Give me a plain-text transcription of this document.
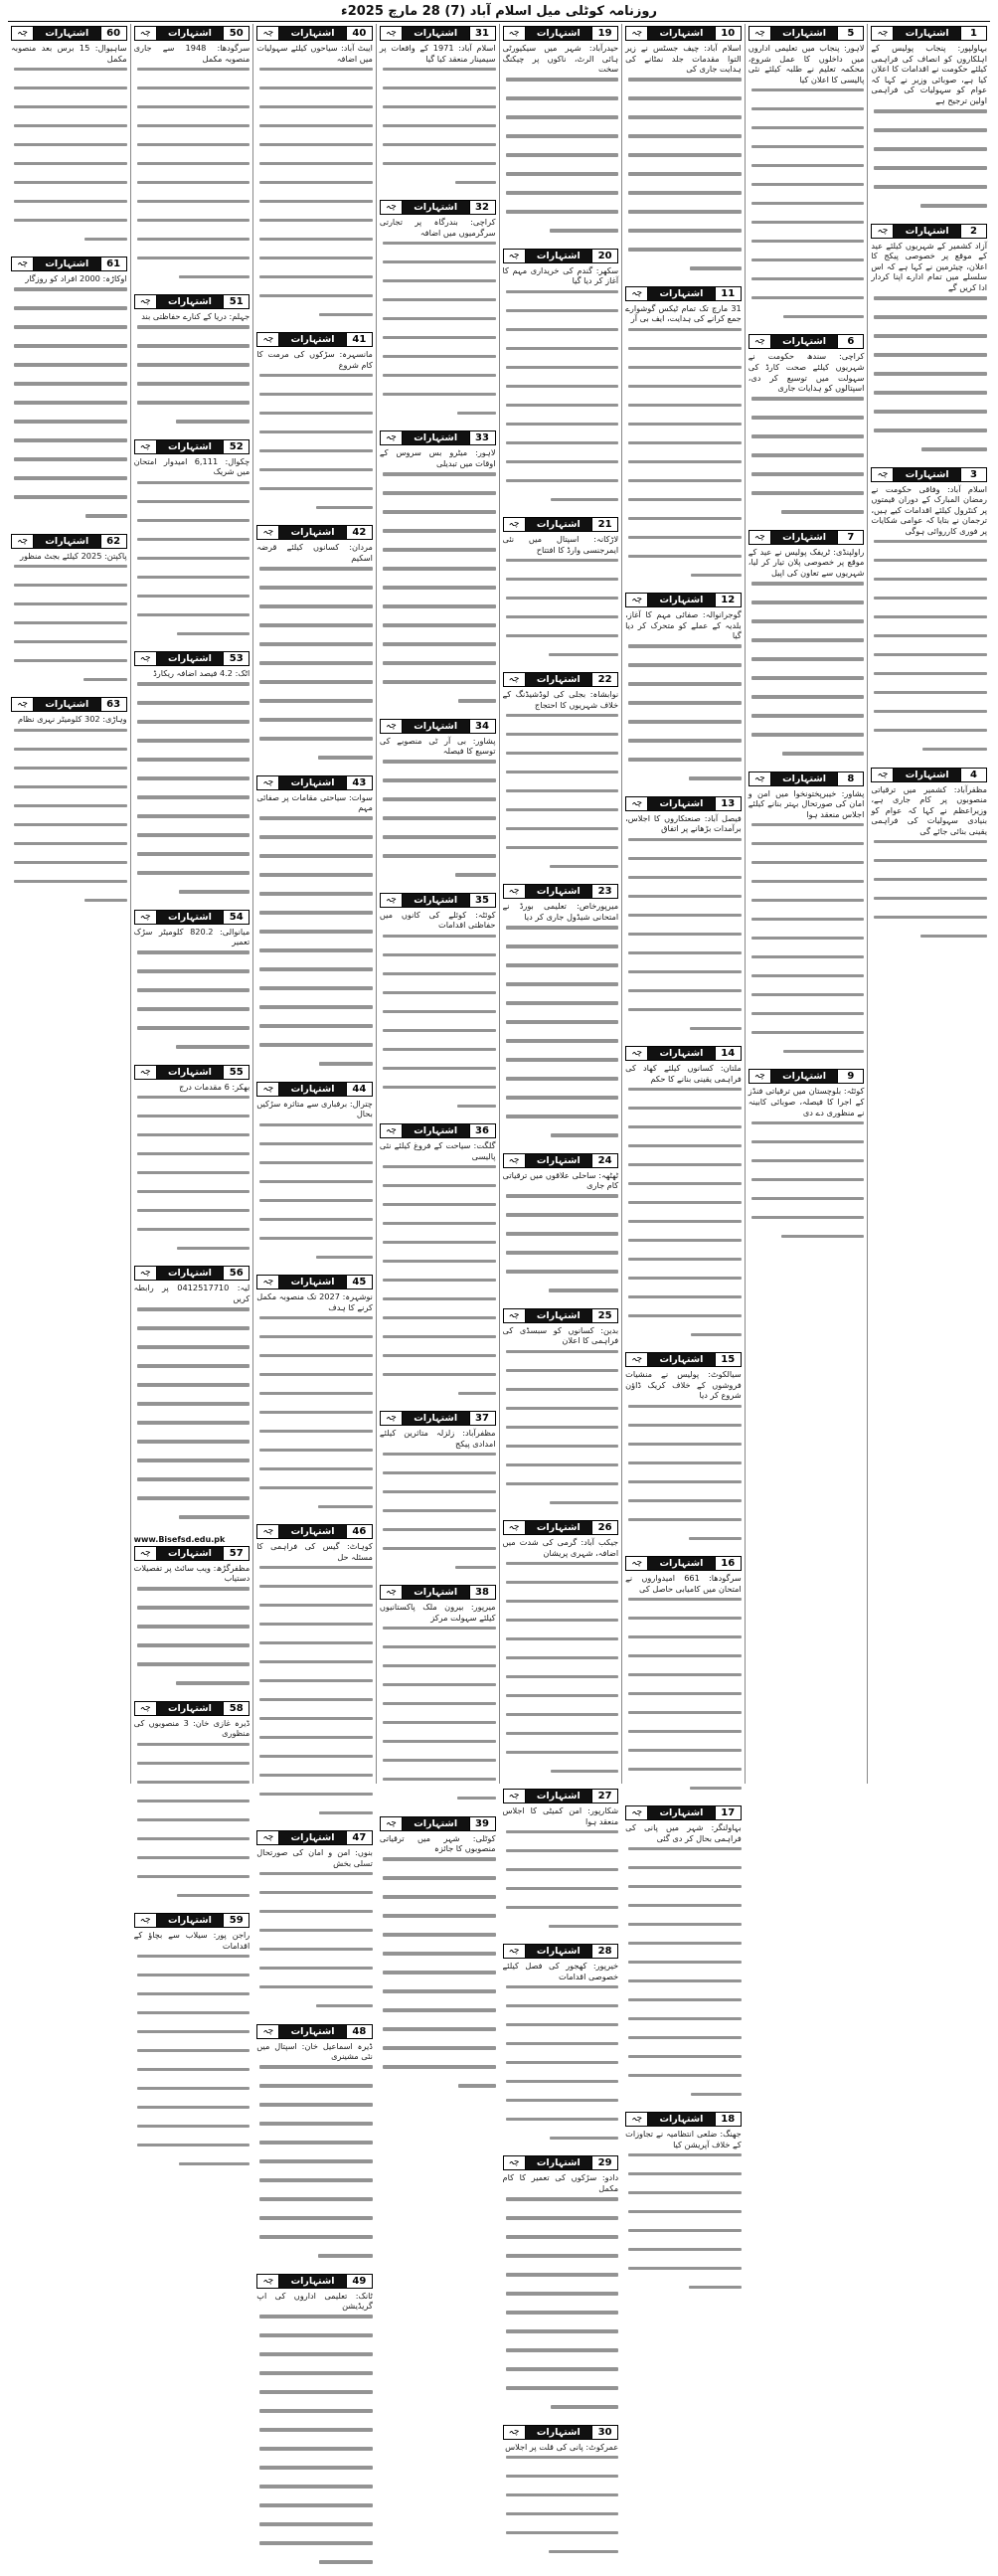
روزنامہ کوٹلی میل اسلام آباد (7) 28 مارچ 2025ء
چہ	اشتہارات	1
بہاولپور: پنجاب پولیس کے اہلکاروں کو انصاف کی فراہمی کیلئے حکومت نے اقدامات کا اعلان کیا ہے، صوبائی وزیر نے کہا کہ عوام کو سہولیات کی فراہمی اولین ترجیح ہے
چہ	اشتہارات	2
آزاد کشمیر کے شہریوں کیلئے عید کے موقع پر خصوصی پیکج کا اعلان، چیئرمین نے کہا ہے کہ اس سلسلے میں تمام ادارے اپنا کردار ادا کریں گے
چہ	اشتہارات	3
اسلام آباد: وفاقی حکومت نے رمضان المبارک کے دوران قیمتوں پر کنٹرول کیلئے اقدامات کیے ہیں، ترجمان نے بتایا کہ عوامی شکایات پر فوری کارروائی ہوگی
چہ	اشتہارات	4
مظفرآباد: کشمیر میں ترقیاتی منصوبوں پر کام جاری ہے، وزیراعظم نے کہا کہ عوام کو بنیادی سہولیات کی فراہمی یقینی بنائی جائے گی
چہ	اشتہارات	5
لاہور: پنجاب میں تعلیمی اداروں میں داخلوں کا عمل شروع، محکمہ تعلیم نے طلبہ کیلئے نئی پالیسی کا اعلان کیا
چہ	اشتہارات	6
کراچی: سندھ حکومت نے شہریوں کیلئے صحت کارڈ کی سہولت میں توسیع کر دی، اسپتالوں کو ہدایات جاری
چہ	اشتہارات	7
راولپنڈی: ٹریفک پولیس نے عید کے موقع پر خصوصی پلان تیار کر لیا، شہریوں سے تعاون کی اپیل
چہ	اشتہارات	8
پشاور: خیبرپختونخوا میں امن و امان کی صورتحال بہتر بنانے کیلئے اجلاس منعقد ہوا
چہ	اشتہارات	9
کوئٹہ: بلوچستان میں ترقیاتی فنڈز کے اجرا کا فیصلہ، صوبائی کابینہ نے منظوری دے دی
چہ	اشتہارات	10
اسلام آباد: چیف جسٹس نے زیر التوا مقدمات جلد نمٹانے کی ہدایت جاری کی
چہ	اشتہارات	11
31 مارچ تک تمام ٹیکس گوشوارے جمع کرانے کی ہدایت، ایف بی آر
چہ	اشتہارات	12
گوجرانوالہ: صفائی مہم کا آغاز، بلدیہ کے عملے کو متحرک کر دیا گیا
چہ	اشتہارات	13
فیصل آباد: صنعتکاروں کا اجلاس، برآمدات بڑھانے پر اتفاق
چہ	اشتہارات	14
ملتان: کسانوں کیلئے کھاد کی فراہمی یقینی بنانے کا حکم
چہ	اشتہارات	15
سیالکوٹ: پولیس نے منشیات فروشوں کے خلاف کریک ڈاؤن شروع کر دیا
چہ	اشتہارات	16
سرگودھا: 661 امیدواروں نے امتحان میں کامیابی حاصل کی
چہ	اشتہارات	17
بہاولنگر: شہر میں پانی کی فراہمی بحال کر دی گئی
چہ	اشتہارات	18
جھنگ: ضلعی انتظامیہ نے تجاوزات کے خلاف آپریشن کیا
چہ	اشتہارات	19
حیدرآباد: شہر میں سیکیورٹی ہائی الرٹ، ناکوں پر چیکنگ سخت
چہ	اشتہارات	20
سکھر: گندم کی خریداری مہم کا آغاز کر دیا گیا
چہ	اشتہارات	21
لاڑکانہ: اسپتال میں نئی ایمرجنسی وارڈ کا افتتاح
چہ	اشتہارات	22
نوابشاہ: بجلی کی لوڈشیڈنگ کے خلاف شہریوں کا احتجاج
چہ	اشتہارات	23
میرپورخاص: تعلیمی بورڈ نے امتحانی شیڈول جاری کر دیا
چہ	اشتہارات	24
ٹھٹھہ: ساحلی علاقوں میں ترقیاتی کام جاری
چہ	اشتہارات	25
بدین: کسانوں کو سبسڈی کی فراہمی کا اعلان
چہ	اشتہارات	26
جیکب آباد: گرمی کی شدت میں اضافہ، شہری پریشان
چہ	اشتہارات	27
شکارپور: امن کمیٹی کا اجلاس منعقد ہوا
چہ	اشتہارات	28
خیرپور: کھجور کی فصل کیلئے خصوصی اقدامات
چہ	اشتہارات	29
دادو: سڑکوں کی تعمیر کا کام مکمل
چہ	اشتہارات	30
عمرکوٹ: پانی کی قلت پر اجلاس
چہ	اشتہارات	31
اسلام آباد: 1971 کے واقعات پر سیمینار منعقد کیا گیا
چہ	اشتہارات	32
کراچی: بندرگاہ پر تجارتی سرگرمیوں میں اضافہ
چہ	اشتہارات	33
لاہور: میٹرو بس سروس کے اوقات میں تبدیلی
چہ	اشتہارات	34
پشاور: بی آر ٹی منصوبے کی توسیع کا فیصلہ
چہ	اشتہارات	35
کوئٹہ: کوئلے کی کانوں میں حفاظتی اقدامات
چہ	اشتہارات	36
گلگت: سیاحت کے فروغ کیلئے نئی پالیسی
چہ	اشتہارات	37
مظفرآباد: زلزلہ متاثرین کیلئے امدادی پیکج
چہ	اشتہارات	38
میرپور: بیرون ملک پاکستانیوں کیلئے سہولت مرکز
چہ	اشتہارات	39
کوٹلی: شہر میں ترقیاتی منصوبوں کا جائزہ
چہ	اشتہارات	40
ایبٹ آباد: سیاحوں کیلئے سہولیات میں اضافہ
چہ	اشتہارات	41
مانسہرہ: سڑکوں کی مرمت کا کام شروع
چہ	اشتہارات	42
مردان: کسانوں کیلئے قرضہ اسکیم
چہ	اشتہارات	43
سوات: سیاحتی مقامات پر صفائی مہم
چہ	اشتہارات	44
چترال: برفباری سے متاثرہ سڑکیں بحال
چہ	اشتہارات	45
نوشہرہ: 2027 تک منصوبہ مکمل کرنے کا ہدف
چہ	اشتہارات	46
کوہاٹ: گیس کی فراہمی کا مسئلہ حل
چہ	اشتہارات	47
بنوں: امن و امان کی صورتحال تسلی بخش
چہ	اشتہارات	48
ڈیرہ اسماعیل خان: اسپتال میں نئی مشینری
چہ	اشتہارات	49
ٹانک: تعلیمی اداروں کی اپ گریڈیشن
چہ	اشتہارات	50
سرگودھا: 1948 سے جاری منصوبہ مکمل
چہ	اشتہارات	51
جہلم: دریا کے کنارے حفاظتی بند
چہ	اشتہارات	52
چکوال: 6,111 امیدوار امتحان میں شریک
چہ	اشتہارات	53
اٹک: 4.2 فیصد اضافہ ریکارڈ
چہ	اشتہارات	54
میانوالی: 820.2 کلومیٹر سڑک تعمیر
چہ	اشتہارات	55
بھکر: 6 مقدمات درج
چہ	اشتہارات	56
لیہ: 0412517710 پر رابطہ کریں
www.Bisefsd.edu.pk
چہ	اشتہارات	57
مظفرگڑھ: ویب سائٹ پر تفصیلات دستیاب
چہ	اشتہارات	58
ڈیرہ غازی خان: 3 منصوبوں کی منظوری
چہ	اشتہارات	59
راجن پور: سیلاب سے بچاؤ کے اقدامات
چہ	اشتہارات	60
ساہیوال: 15 برس بعد منصوبہ مکمل
چہ	اشتہارات	61
اوکاڑہ: 2000 افراد کو روزگار
چہ	اشتہارات	62
پاکپتن: 2025 کیلئے بجٹ منظور
چہ	اشتہارات	63
وہاڑی: 302 کلومیٹر نہری نظام
